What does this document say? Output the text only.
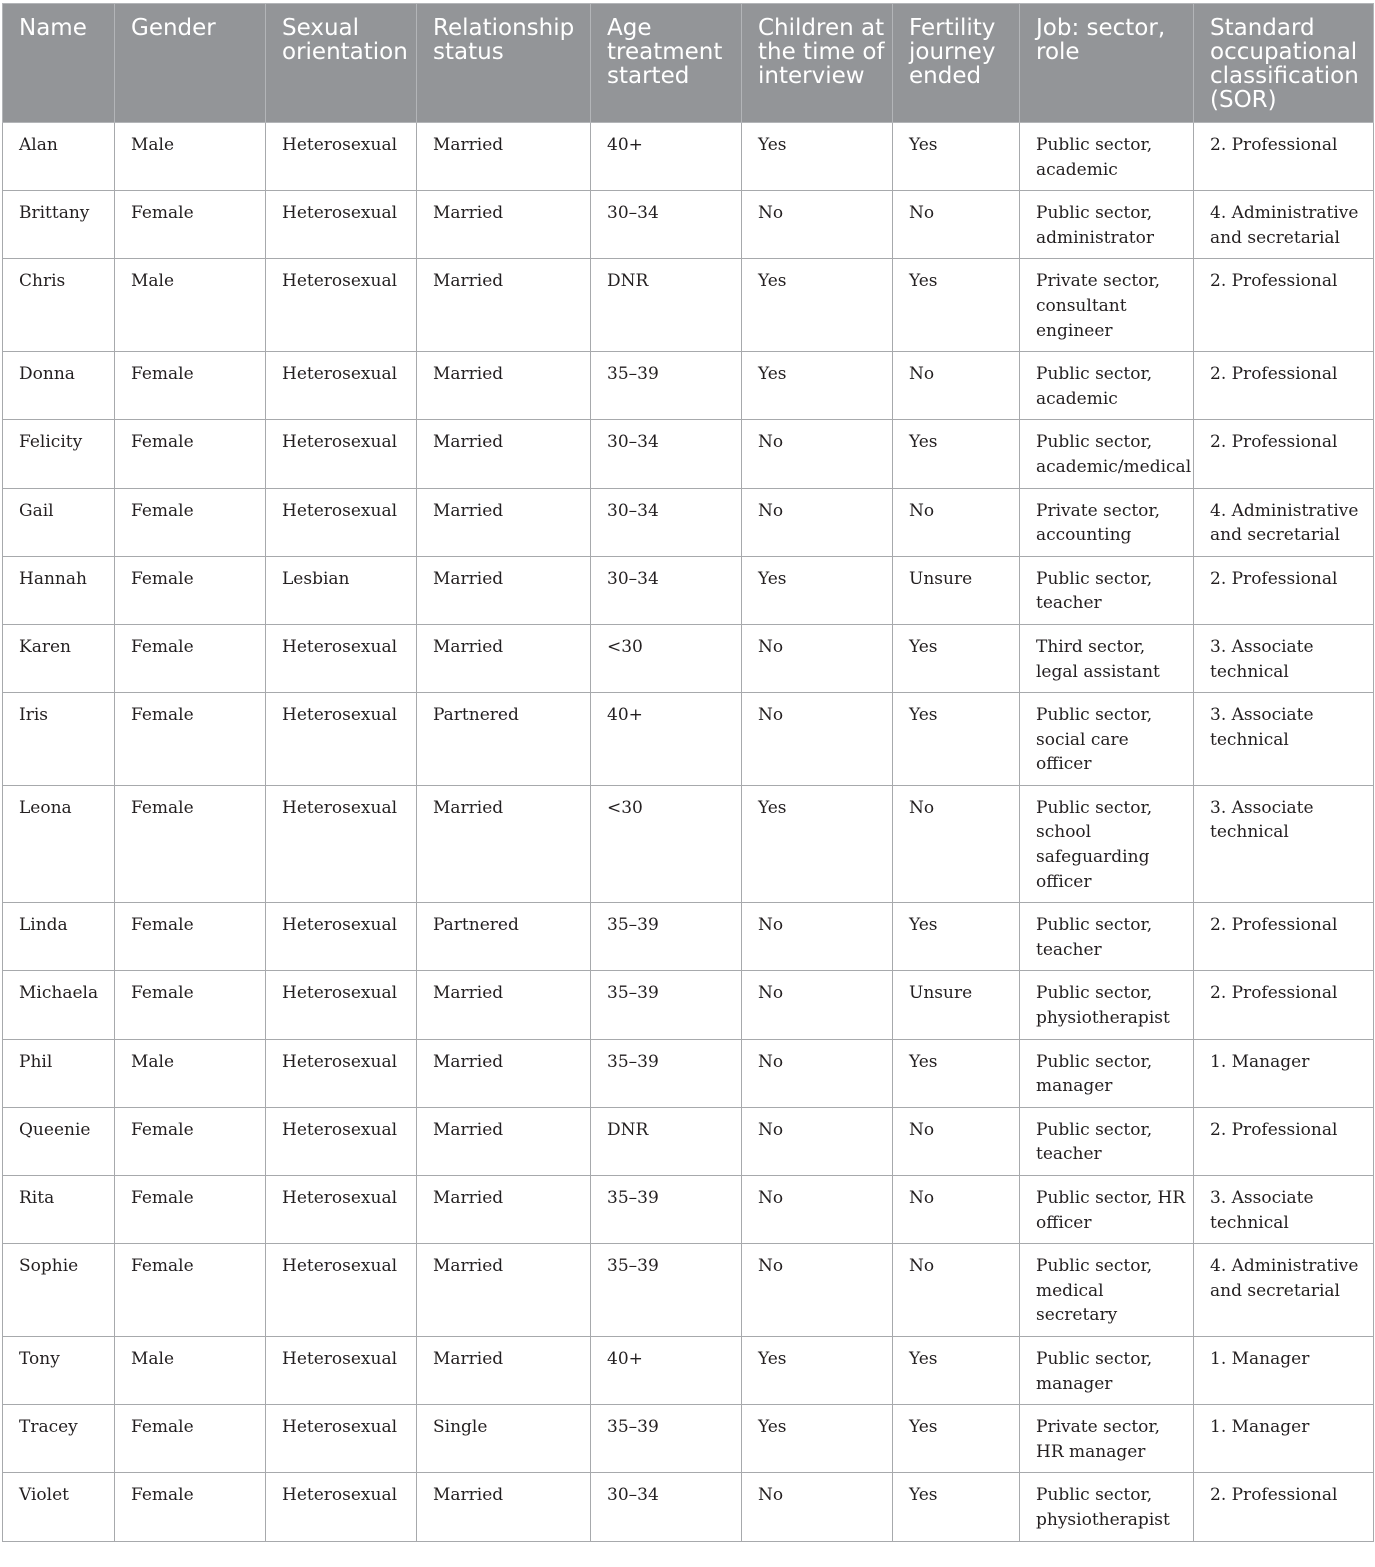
Name	Gender	Sexual orientation	Relationship status	Age treatment started	Children at the time of interview	Fertility journey ended	Job: sector, role	Standard occupational classification (SOR)
Alan	Male	Heterosexual	Married	40+	Yes	Yes	Public sector, academic	2. Professional
Brittany	Female	Heterosexual	Married	30–34	No	No	Public sector, administrator	4. Administrative and secretarial
Chris	Male	Heterosexual	Married	DNR	Yes	Yes	Private sector, consultant engineer	2. Professional
Donna	Female	Heterosexual	Married	35–39	Yes	No	Public sector, academic	2. Professional
Felicity	Female	Heterosexual	Married	30–34	No	Yes	Public sector, academic/medical	2. Professional
Gail	Female	Heterosexual	Married	30–34	No	No	Private sector, accounting	4. Administrative and secretarial
Hannah	Female	Lesbian	Married	30–34	Yes	Unsure	Public sector, teacher	2. Professional
Karen	Female	Heterosexual	Married	<30	No	Yes	Third sector, legal assistant	3. Associate technical
Iris	Female	Heterosexual	Partnered	40+	No	Yes	Public sector, social care officer	3. Associate technical
Leona	Female	Heterosexual	Married	<30	Yes	No	Public sector, school safeguarding officer	3. Associate technical
Linda	Female	Heterosexual	Partnered	35–39	No	Yes	Public sector, teacher	2. Professional
Michaela	Female	Heterosexual	Married	35–39	No	Unsure	Public sector, physiotherapist	2. Professional
Phil	Male	Heterosexual	Married	35–39	No	Yes	Public sector, manager	1. Manager
Queenie	Female	Heterosexual	Married	DNR	No	No	Public sector, teacher	2. Professional
Rita	Female	Heterosexual	Married	35–39	No	No	Public sector, HR officer	3. Associate technical
Sophie	Female	Heterosexual	Married	35–39	No	No	Public sector, medical secretary	4. Administrative and secretarial
Tony	Male	Heterosexual	Married	40+	Yes	Yes	Public sector, manager	1. Manager
Tracey	Female	Heterosexual	Single	35–39	Yes	Yes	Private sector, HR manager	1. Manager
Violet	Female	Heterosexual	Married	30–34	No	Yes	Public sector, physiotherapist	2. Professional
